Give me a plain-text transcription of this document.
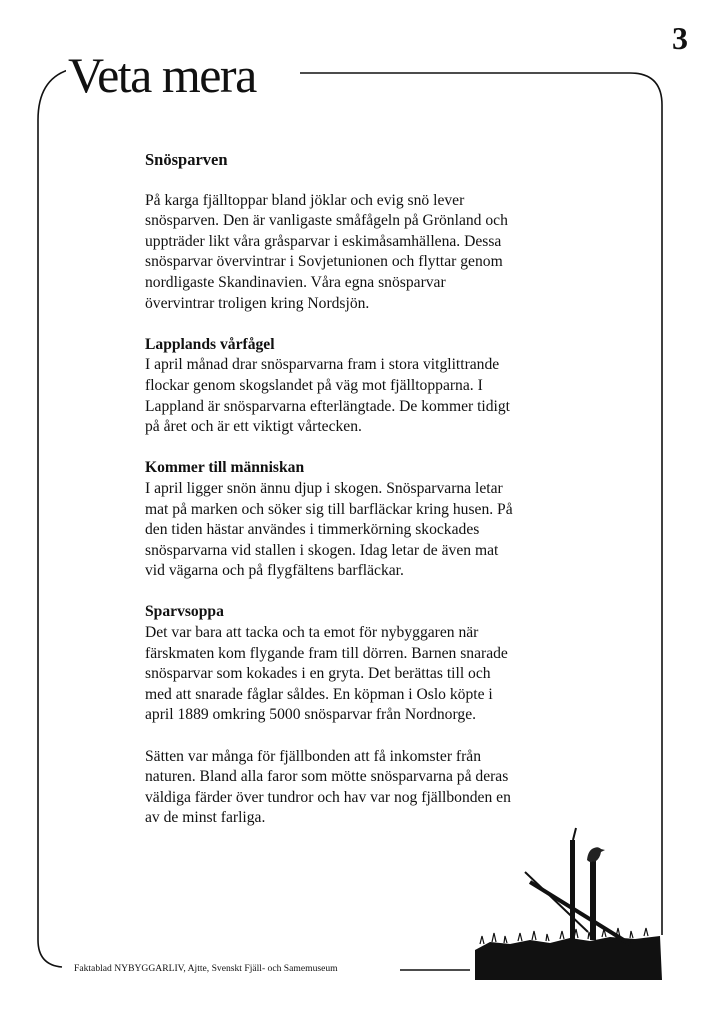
3
Veta mera
Snösparven

På karga fjälltoppar bland jöklar och evig snö lever

snösparven. Den är vanligaste småfågeln på Grönland och

uppträder likt våra gråsparvar i eskimåsamhällena. Dessa

snösparvar övervintrar i Sovjetunionen och flyttar genom

nordligaste Skandinavien. Våra egna snösparvar

övervintrar troligen kring Nordsjön.

Lapplands vårfågel

I april månad drar snösparvarna fram i stora vitglittrande

flockar genom skogslandet på väg mot fjälltopparna. I

Lappland är snösparvarna efterlängtade. De kommer tidigt

på året och är ett viktigt vårtecken.

Kommer till människan

I april ligger snön ännu djup i skogen. Snösparvarna letar

mat på marken och söker sig till barfläckar kring husen. På

den tiden hästar användes i timmerkörning skockades

snösparvarna vid stallen i skogen. Idag letar de även mat

vid vägarna och på flygfältens barfläckar.

Sparvsoppa

Det var bara att tacka och ta emot för nybyggaren när

färskmaten kom flygande fram till dörren. Barnen snarade

snösparvar som kokades i en gryta. Det berättas till och

med att snarade fåglar såldes. En köpman i Oslo köpte i

april 1889 omkring 5000 snösparvar från Nordnorge.

Sätten var många för fjällbonden att få inkomster från

naturen. Bland alla faror som mötte snösparvarna på deras

väldiga färder över tundror och hav var nog fjällbonden en

av de minst farliga.

Faktablad NYBYGGARLIV, Ajtte, Svenskt Fjäll- och Samemuseum
